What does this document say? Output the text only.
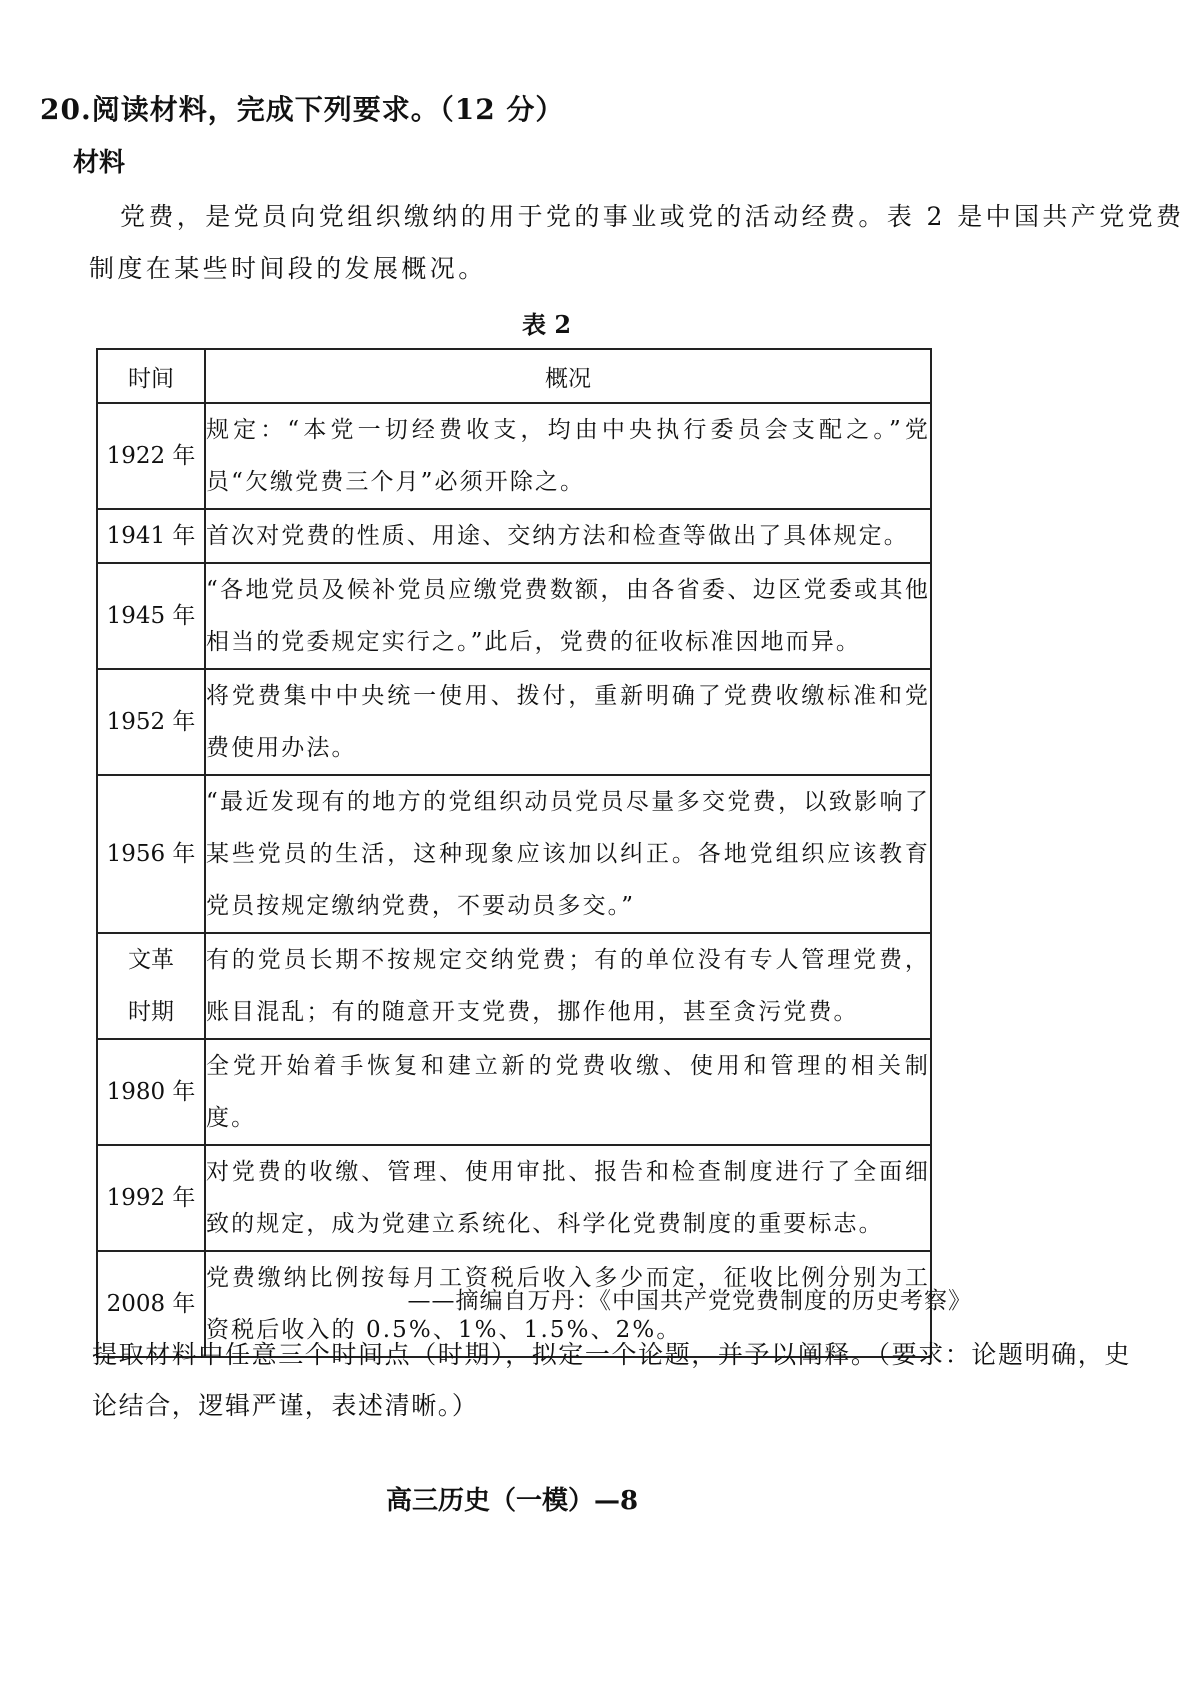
20.阅读材料，完成下列要求。（12 分）
材料
党费，是党员向党组织缴纳的用于党的事业或党的活动经费。表 2 是中国共产党党费
制度在某些时间段的发展概况。
表 2
时间	概况
1922 年	规定：“本党一切经费收支，均由中央执行委员会支配之。”党员“欠缴党费三个月”必须开除之。
1941 年	首次对党费的性质、用途、交纳方法和检查等做出了具体规定。
1945 年	“各地党员及候补党员应缴党费数额，由各省委、边区党委或其他相当的党委规定实行之。”此后，党费的征收标准因地而异。
1952 年	将党费集中中央统一使用、拨付，重新明确了党费收缴标准和党费使用办法。
1956 年	“最近发现有的地方的党组织动员党员尽量多交党费，以致影响了某些党员的生活，这种现象应该加以纠正。各地党组织应该教育党员按规定缴纳党费，不要动员多交。”

文革
时期	有的党员长期不按规定交纳党费；有的单位没有专人管理党费，账目混乱；有的随意开支党费，挪作他用，甚至贪污党费。
1980 年	全党开始着手恢复和建立新的党费收缴、使用和管理的相关制度。
1992 年	对党费的收缴、管理、使用审批、报告和检查制度进行了全面细致的规定，成为党建立系统化、科学化党费制度的重要标志。
2008 年	党费缴纳比例按每月工资税后收入多少而定，征收比例分别为工资税后收入的 0.5%、1%、1.5%、2%。
——摘编自万丹：《中国共产党党费制度的历史考察》
提取材料中任意三个时间点（时期），拟定一个论题，并予以阐释。（要求：论题明确，史
论结合，逻辑严谨，表述清晰。）
高三历史（一模）—8
